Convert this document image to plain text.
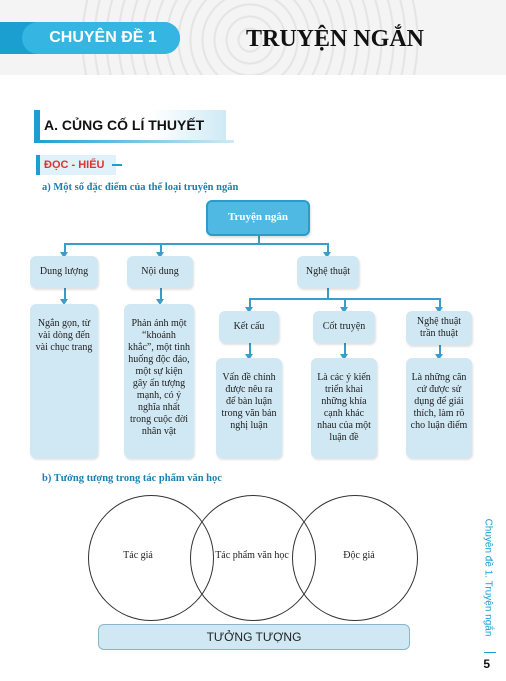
CHUYÊN ĐỀ 1	TRUYỆN NGẮN
A. CỦNG CỐ LÍ THUYẾT
ĐỌC - HIỂU
a) Một số đặc điểm của thể loại truyện ngắn
Truyện ngắn
Dung lượng	Nội dung	Nghệ thuật
Kết cấu	Cốt truyện	Nghệ thuật trần thuật
Ngắn gọn, từ vài dòng đến vài chục trang
Phản ánh một “khoảnh khắc”, một tình huống độc đáo, một sự kiện gây ấn tượng mạnh, có ý nghĩa nhất trong cuộc đời nhân vật
Vấn đề chính được nêu ra để bàn luận trong văn bản nghị luận
Là các ý kiến triển khai những khía cạnh khác nhau của một luận đề
Là những căn cứ được sử dụng để giải thích, làm rõ cho luận điểm
b) Tưởng tượng trong tác phẩm văn học
Tác giả	Tác phẩm văn học	Độc giả
TƯỞNG TƯỢNG
Chuyên đề 1. Truyện ngắn
5
